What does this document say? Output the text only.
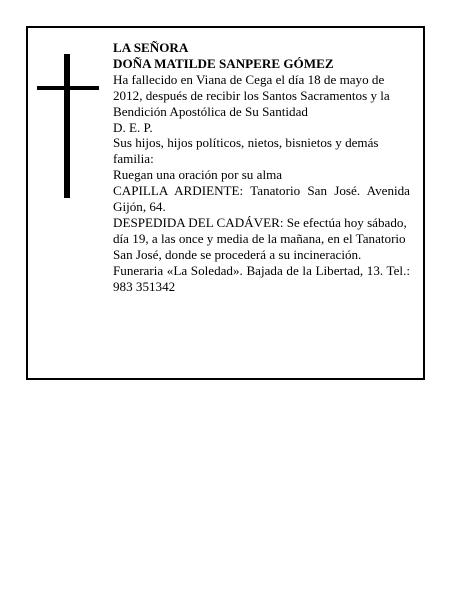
LA SEÑORA

DOÑA MATILDE SANPERE GÓMEZ

Ha fallecido en Viana de Cega el día 18 de mayo de 2012, después de recibir los Santos Sacramentos y la Bendición Apostólica de Su Santidad

D. E. P.

Sus hijos, hijos políticos, nietos, bisnietos y demás familia:

Ruegan una oración por su alma

CAPILLA ARDIENTE: Tanatorio San José. Avenida Gijón, 64.

DESPEDIDA DEL CADÁVER: Se efectúa hoy sábado, día 19, a las once y media de la mañana, en el Tanatorio San José, donde se procederá a su incineración.

Funeraria «La Soledad». Bajada de la Libertad, 13. Tel.: 983 351342
